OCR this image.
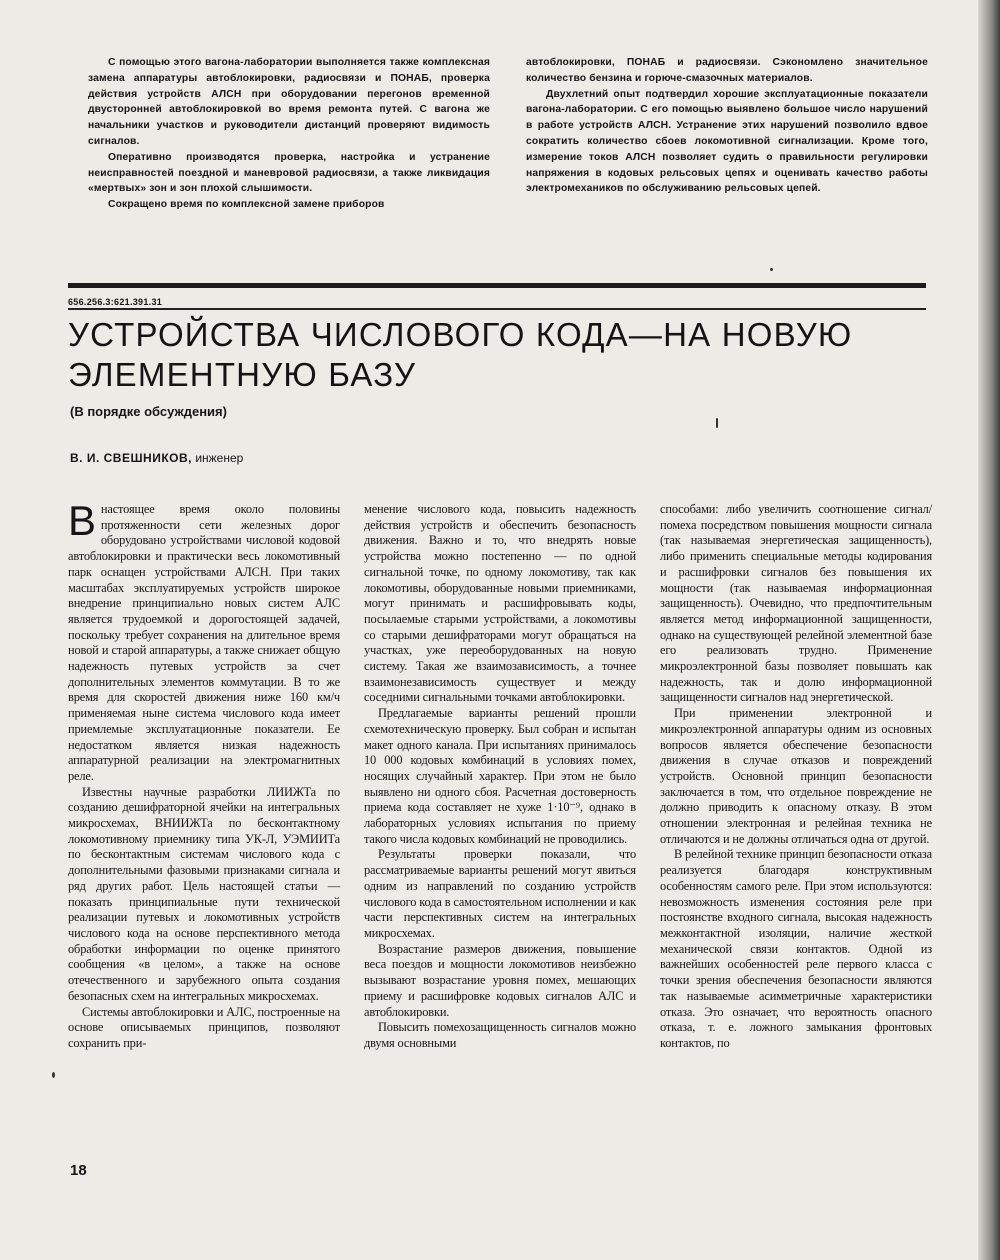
С помощью этого вагона-лаборатории выполняется также комплексная замена аппаратуры автоблокировки, радиосвязи и ПОНАБ, проверка действия устройств АЛСН при оборудовании перегонов временной двусторонней автоблокировкой во время ремонта путей. С вагона же начальники участков и руководители дистанций проверяют видимость сигналов.

Оперативно производятся проверка, настройка и устранение неисправностей поездной и маневровой радиосвязи, а также ликвидация «мертвых» зон и зон плохой слышимости.

Сокращено время по комплексной замене приборов

автоблокировки, ПОНАБ и радиосвязи. Сэкономлено значительное количество бензина и горюче-смазочных материалов.

Двухлетний опыт подтвердил хорошие эксплуатационные показатели вагона-лаборатории. С его помощью выявлено большое число нарушений в работе устройств АЛСН. Устранение этих нарушений позволило вдвое сократить количество сбоев локомотивной сигнализации. Кроме того, измерение токов АЛСН позволяет судить о правильности регулировки напряжения в кодовых рельсовых цепях и оценивать качество работы электромехаников по обслуживанию рельсовых цепей.

656.256.3:621.391.31
УСТРОЙСТВА ЧИСЛОВОГО КОДА—НА НОВУЮ
ЭЛЕМЕНТНУЮ БАЗУ
(В порядке обсуждения)
В. И. СВЕШНИКОВ, инженер

Внастоящее время около половины протяженности сети железных дорог оборудовано устройствами числовой кодовой автоблокировки и практически весь локомотивный парк оснащен устройствами АЛСН. При таких масштабах эксплуатируемых устройств широкое внедрение принципиально новых систем АЛС является трудоемкой и дорогостоящей задачей, поскольку требует сохранения на длительное время новой и старой аппаратуры, а также снижает общую надежность путевых устройств за счет дополнительных элементов коммутации. В то же время для скоростей движения ниже 160 км/ч применяемая ныне система числового кода имеет приемлемые эксплуатационные показатели. Ее недостатком является низкая надежность аппаратурной реализации на электромагнитных реле.

Известны научные разработки ЛИИЖТа по созданию дешифраторной ячейки на интегральных микросхемах, ВНИИЖТа по бесконтактному локомотивному приемнику типа УК-Л, УЭМИИТа по бесконтактным системам числового кода с дополнительными фазовыми признаками сигнала и ряд других работ. Цель настоящей статьи — показать принципиальные пути технической реализации путевых и локомотивных устройств числового кода на основе перспективного метода обработки информации по оценке принятого сообщения «в целом», а также на основе отечественного и зарубежного опыта создания безопасных схем на интегральных микросхемах.

Системы автоблокировки и АЛС, построенные на основе описываемых принципов, позволяют сохранить при-

менение числового кода, повысить надежность действия устройств и обеспечить безопасность движения. Важно и то, что внедрять новые устройства можно постепенно — по одной сигнальной точке, по одному локомотиву, так как локомотивы, оборудованные новыми приемниками, могут принимать и расшифровывать коды, посылаемые старыми устройствами, а локомотивы со старыми дешифраторами могут обращаться на участках, уже переоборудованных на новую систему. Такая же взаимозависимость, а точнее взаимонезависимость существует и между соседними сигнальными точками автоблокировки.

Предлагаемые варианты решений прошли схемотехническую проверку. Был собран и испытан макет одного канала. При испытаниях принималось 10 000 кодовых комбинаций в условиях помех, носящих случайный характер. При этом не было выявлено ни одного сбоя. Расчетная достоверность приема кода составляет не хуже 1·10⁻⁹, однако в лабораторных условиях испытания по приему такого числа кодовых комбинаций не проводились.

Результаты проверки показали, что рассматриваемые варианты решений могут явиться одним из направлений по созданию устройств числового кода в самостоятельном исполнении и как части перспективных систем на интегральных микросхемах.

Возрастание размеров движения, повышение веса поездов и мощности локомотивов неизбежно вызывают возрастание уровня помех, мешающих приему и расшифровке кодовых сигналов АЛС и автоблокировки.

Повысить помехозащищенность сигналов можно двумя основными

способами: либо увеличить соотношение сигнал/помеха посредством повышения мощности сигнала (так называемая энергетическая защищенность), либо применить специальные методы кодирования и расшифровки сигналов без повышения их мощности (так называемая информационная защищенность). Очевидно, что предпочтительным является метод информационной защищенности, однако на существующей релейной элементной базе его реализовать трудно. Применение микроэлектронной базы позволяет повышать как надежность, так и долю информационной защищенности сигналов над энергетической.

При применении электронной и микроэлектронной аппаратуры одним из основных вопросов является обеспечение безопасности движения в случае отказов и повреждений устройств. Основной принцип безопасности заключается в том, что отдельное повреждение не должно приводить к опасному отказу. В этом отношении электронная и релейная техника не отличаются и не должны отличаться одна от другой.

В релейной технике принцип безопасности отказа реализуется благодаря конструктивным особенностям самого реле. При этом используются: невозможность изменения состояния реле при постоянстве входного сигнала, высокая надежность межконтактной изоляции, наличие жесткой механической связи контактов. Одной из важнейших особенностей реле первого класса с точки зрения обеспечения безопасности являются так называемые асимметричные характеристики отказа. Это означает, что вероятность опасного отказа, т. е. ложного замыкания фронтовых контактов, по

18
